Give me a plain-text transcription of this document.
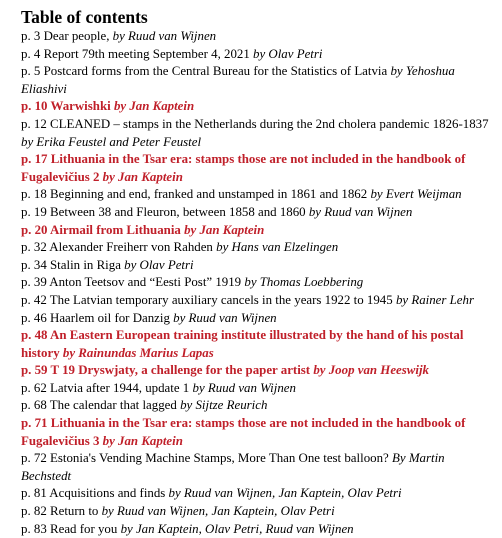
Table of contents

p. 3 Dear people, by Ruud van Wijnen

p. 4 Report 79th meeting September 4, 2021 by Olav Petri

p. 5 Postcard forms from the Central Bureau for the Statistics of Latvia by Yehoshua Eliashivi

p. 10 Warwishki by Jan Kaptein

p. 12 CLEANED – stamps in the Netherlands during the 2nd cholera pandemic 1826-1837 by Erika Feustel and Peter Feustel

p. 17 Lithuania in the Tsar era: stamps those are not included in the handbook of Fugalevičius 2 by Jan Kaptein

p. 18 Beginning and end, franked and unstamped in 1861 and 1862 by Evert Weijman

p. 19 Between 38 and Fleuron, between 1858 and 1860 by Ruud van Wijnen

p. 20 Airmail from Lithuania by Jan Kaptein

p. 32 Alexander Freiherr von Rahden by Hans van Elzelingen

p. 34 Stalin in Riga by Olav Petri

p. 39 Anton Teetsov and “Eesti Post” 1919 by Thomas Loebbering

p. 42 The Latvian temporary auxiliary cancels in the years 1922 to 1945 by Rainer Lehr

p. 46 Haarlem oil for Danzig by Ruud van Wijnen

p. 48 An Eastern European training institute illustrated by the hand of his postal history by Rainundas Marius Lapas

p. 59 T 19 Dryswjaty, a challenge for the paper artist by Joop van Heeswijk

p. 62 Latvia after 1944, update 1 by Ruud van Wijnen

p. 68 The calendar that lagged by Sijtze Reurich

p. 71 Lithuania in the Tsar era: stamps those are not included in the handbook of Fugalevičius 3 by Jan Kaptein

p. 72 Estonia's Vending Machine Stamps, More Than One test balloon? By Martin Bechstedt

p. 81 Acquisitions and finds by Ruud van Wijnen, Jan Kaptein, Olav Petri

p. 82 Return to by Ruud van Wijnen, Jan Kaptein, Olav Petri

p. 83 Read for you by Jan Kaptein, Olav Petri, Ruud van Wijnen
